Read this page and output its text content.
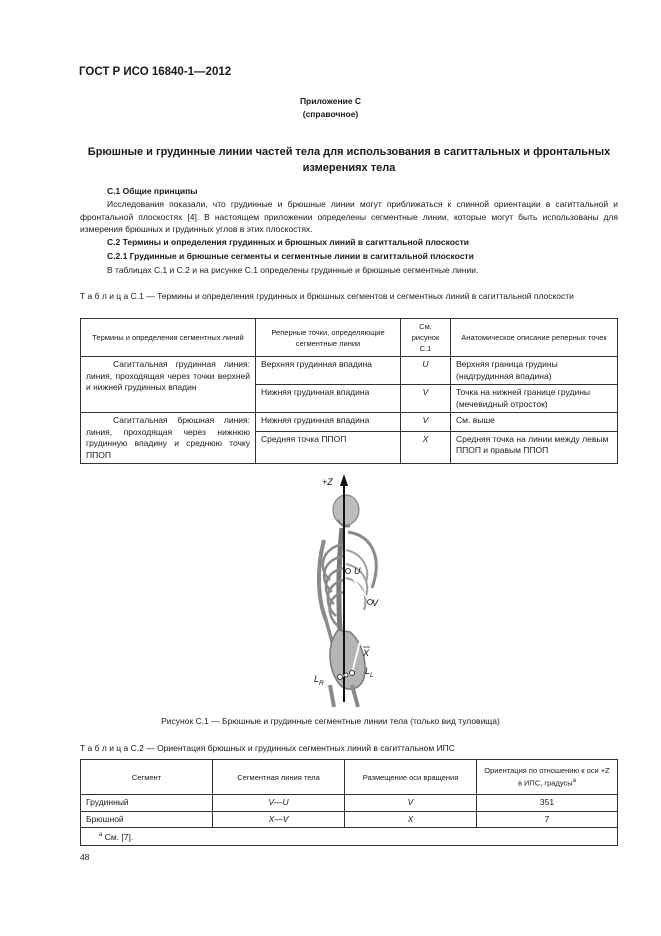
ГОСТ Р ИСО 16840-1—2012
Приложение С
(справочное)
Брюшные и грудинные линии частей тела для использования в сагиттальных и фронтальных измерениях тела
С.1 Общие принципы
Исследования показали, что грудинные и брюшные линии могут приближаться к спинной ориентации в сагиттальной и фронтальной плоскостях [4]. В настоящем приложении определены сегментные линии, которые могут быть использованы для измерения брюшных и грудинных углов в этих плоскостях.
С.2 Термины и определения грудинных и брюшных линий в сагиттальной плоскости
С.2.1 Грудинные и брюшные сегменты и сегментные линии в сагиттальной плоскости
В таблицах С.1 и С.2 и на рисунке С.1 определены грудинные и брюшные сегментные линии.
Т а б л и ц а С.1 — Термины и определения грудинных и брюшных сегментов и сегментных линий в сагиттальной плоскости
Термины и определения сегментных линий	Реперные точки, определяющие сегментные линии	См. рисунок С.1	Анатомическое описание реперных точек
Сагиттальная грудинная линия: линия, проходящая через точки верхней и нижней грудинных впадин	Верхняя грудинная впадина	U	Верхняя граница грудины (надгрудинная впадина)
	Нижняя грудинная впадина	V	Точка на нижней границе грудины (мечевидный отросток)
Сагиттальная брюшная линия: линия, проходящая через нижнюю грудинную впадину и среднюю точку ППОП	Нижняя грудинная впадина	V	См. выше
	Средняя точка ППОП	X	Средняя точка на линии между левым ППОП и правым ППОП
+Z
U
V
X
$L_L$
$L_R$
Рисунок С.1 — Брюшные и грудинные сегментные линии тела (только вид туловища)
Т а б л и ц а С.2 — Ориентация брюшных и грудинных сегментных линий в сагиттальном ИПС
Сегмент	Сегментная линия тела	Размещение оси вращения	Ориентация по отношению к оси +Z в ИПС, градусы$^a$
Грудинный	V—U	V	351
Брюшной	X—V	X	7
$^a$ См. [7].			
48
